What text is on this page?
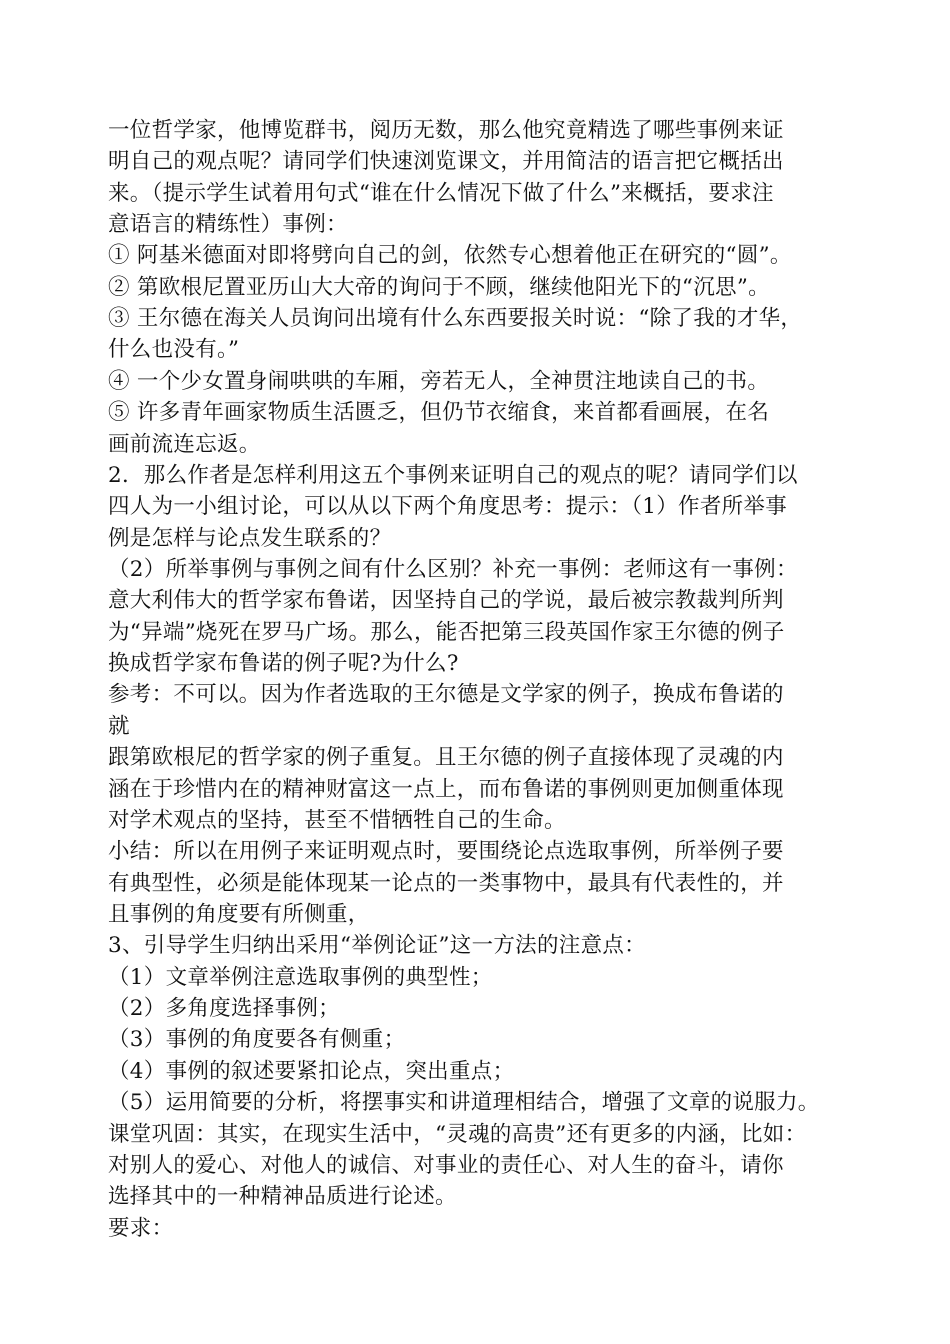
一位哲学家，他博览群书，阅历无数，那么他究竟精选了哪些事例来证
明自己的观点呢？请同学们快速浏览课文，并用简洁的语言把它概括出
来。（提示学生试着用句式“谁在什么情况下做了什么”来概括，要求注
意语言的精练性）事例：
① 阿基米德面对即将劈向自己的剑，依然专心想着他正在研究的“圆”。
② 第欧根尼置亚历山大大帝的询问于不顾，继续他阳光下的“沉思”。
③ 王尔德在海关人员询问出境有什么东西要报关时说：“除了我的才华，
什么也没有。”
④ 一个少女置身闹哄哄的车厢，旁若无人，全神贯注地读自己的书。
⑤ 许多青年画家物质生活匮乏，但仍节衣缩食，来首都看画展，在名
画前流连忘返。
2．那么作者是怎样利用这五个事例来证明自己的观点的呢？请同学们以
四人为一小组讨论，可以从以下两个角度思考：提示：（1）作者所举事
例是怎样与论点发生联系的？
（2）所举事例与事例之间有什么区别？补充一事例：老师这有一事例：
意大利伟大的哲学家布鲁诺，因坚持自己的学说，最后被宗教裁判所判
为“异端”烧死在罗马广场。那么，能否把第三段英国作家王尔德的例子
换成哲学家布鲁诺的例子呢?为什么?
参考：不可以。因为作者选取的王尔德是文学家的例子，换成布鲁诺的
就
跟第欧根尼的哲学家的例子重复。且王尔德的例子直接体现了灵魂的内
涵在于珍惜内在的精神财富这一点上，而布鲁诺的事例则更加侧重体现
对学术观点的坚持，甚至不惜牺牲自己的生命。
小结：所以在用例子来证明观点时，要围绕论点选取事例，所举例子要
有典型性，必须是能体现某一论点的一类事物中，最具有代表性的，并
且事例的角度要有所侧重，
3、引导学生归纳出采用“举例论证”这一方法的注意点：
（1）文章举例注意选取事例的典型性；
（2）多角度选择事例；
（3）事例的角度要各有侧重；
（4）事例的叙述要紧扣论点，突出重点；
（5）运用简要的分析，将摆事实和讲道理相结合，增强了文章的说服力。
课堂巩固：其实，在现实生活中，“灵魂的高贵”还有更多的内涵，比如：
对别人的爱心、对他人的诚信、对事业的责任心、对人生的奋斗，请你
选择其中的一种精神品质进行论述。
要求：
